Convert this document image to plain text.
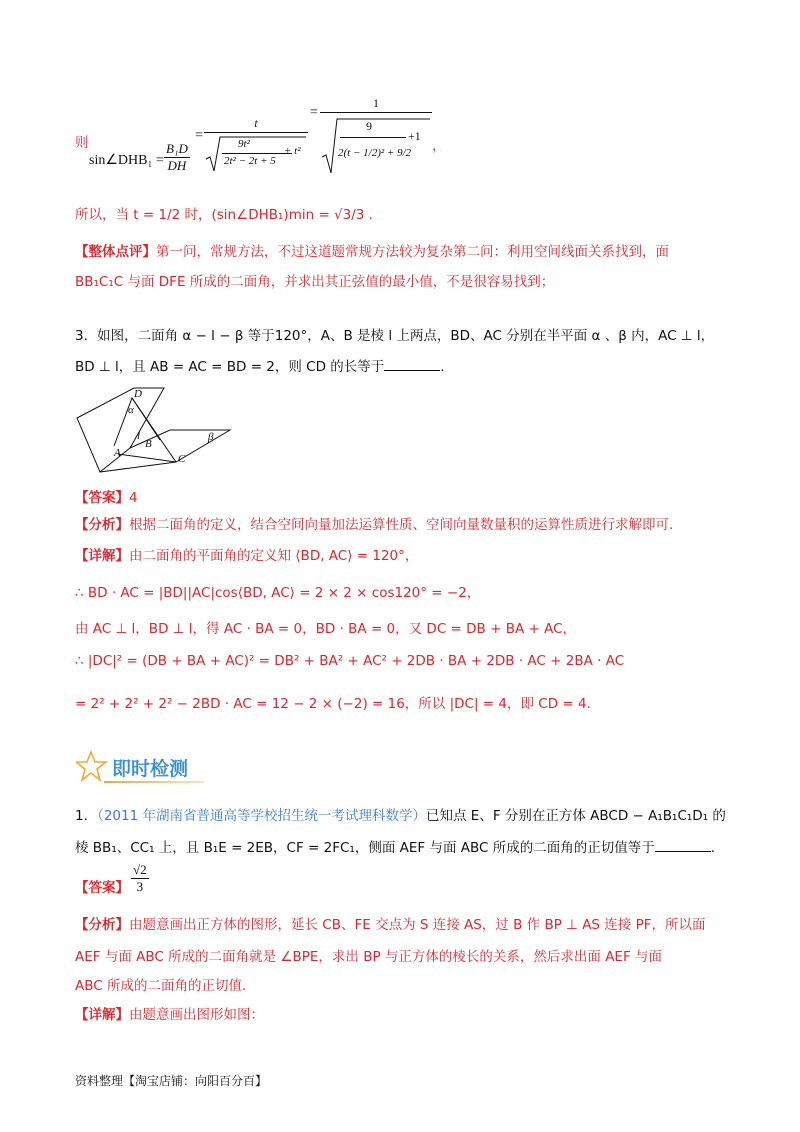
则
sin∠DHB₁ = $\frac{\text{B₁D}}{DH}$
= t
9t²
2t² − 2t + 5
+ t²
= 1
9
2(t − 1/2)² + 9/2
+1 ，
所以，当 t = 1/2 时，(sin∠DHB₁)min = √3/3 .
【整体点评】第一问，常规方法，不过这道题常规方法较为复杂第二问：利用空间线面关系找到，面
BB₁C₁C 与面 DFE 所成的二面角，并求出其正弦值的最小值，不是很容易找到；
3．如图，二面角 α − l − β 等于120°，A、B 是棱 l 上两点，BD、AC 分别在半平面 α 、β 内，AC ⊥ l，
BD ⊥ l，且 AB = AC = BD = 2，则 CD 的长等于	.
D
α
l
B
A	C
β
【答案】4
【分析】根据二面角的定义，结合空间向量加法运算性质、空间向量数量积的运算性质进行求解即可.
【详解】由二面角的平面角的定义知 ⟨BD, AC⟩ = 120°，
∴ BD · AC = |BD||AC|cos⟨BD, AC⟩ = 2 × 2 × cos120° = −2，
由 AC ⊥ l，BD ⊥ l，得 AC · BA = 0，BD · BA = 0，又 DC = DB + BA + AC，
∴ |DC|² = (DB + BA + AC)² = DB² + BA² + AC² + 2DB · BA + 2DB · AC + 2BA · AC
= 2² + 2² + 2² − 2BD · AC = 12 − 2 × (−2) = 16，所以 |DC| = 4，即 CD = 4.
即时检测
1．（2011 年湖南省普通高等学校招生统一考试理科数学）已知点 E、F 分别在正方体 ABCD − A₁B₁C₁D₁ 的
棱 BB₁、CC₁ 上，且 B₁E = 2EB，CF = 2FC₁，侧面 AEF 与面 ABC 所成的二面角的正切值等于	.
【答案】 $\frac{√2}{3}$
【分析】由题意画出正方体的图形，延长 CB、FE 交点为 S 连接 AS，过 B 作 BP ⊥ AS 连接 PF，所以面
AEF 与面 ABC 所成的二面角就是 ∠BPE，求出 BP 与正方体的棱长的关系，然后求出面 AEF 与面
ABC 所成的二面角的正切值.
【详解】由题意画出图形如图：
资料整理【淘宝店铺：向阳百分百】
